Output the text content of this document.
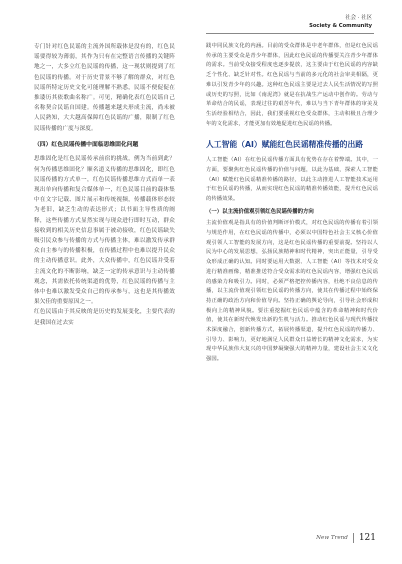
社会 · 社区
Society & Community

专门针对红色民谣的主流外国所载体是没有的，红色民谣要得较为薄弱，其作为只有在完整语言传播的关键阵地之一，大多立红色民谣的传播，这一现状则提到了红色民谣的传播。对于历史背景不够了解的群众，对红色民谣所特定历史文化可能理解不熟悉，民谣不便促促在推诿历其依歌曲名称广。可见，精确化表红色民谣自己名称契合民谣自国建。传播越来越夫形成主流，尚未被人民熟知，大大越高保障红色民谣的广播，限制了红色民谣传播的广度与深度。

（四）红色民谣传播中面临思维固化问题

思维固化是红色民谣传承前宿的挑战，例为当前到此？何为传播思维固化？顺名道义传播的思维固化，即红色民谣传播的方式单一，红色民谣传播思维方式而单一表现出单向传播和复合媒体单一，红色民谣目前的载体集中在文字记载、图片展示和传统视频，传播载体形态较为老旧，缺乏生动的表达形式；以书面主导性质的阐释，这些传播方式显然实现与现众进行即时互动，群众接收到的相关历史信息事属于被动接收，红色民谣缺失吸引民众参与传播的方式与传播主体，难以激发传承群众自主参与的传播积极，在传播过程中也难以提升民众的主动传播意识。此外，大众传播中，红色民谣并受着主流文化的不断影响，缺乏一定的传承意识与主动传播观念，其需依托传统渠道的优势，红色民谣的传播与主体中也难以激发受众自己的传承参与，这也是其传播效果欠佳的重要原因之一。

红色民谣由于其反映的是历史的发展变化，主要代表的是我国在过去实

践中同民族文化的内涵。目前的受众群体是中老年群体，但是红色民谣传承的主要受众是青少年群体，因此红色民谣的传播要关注青少年群体的需求。当前受众接受程度也逐步提放，这主要由于红色民谣的内容缺乏个性化、缺乏针对性。红色民谣与当前的多元化的社会审美相隔，更难以引发青少年的兴趣。这种红色民谣主要是过去人民生活情况的写照或历史的写照，比如《南泥湾》就是在抗战生产运动中创作的。劳动与革命结合的民谣，表现过往的艰苦年代，难以与当下青年群体的审美及生活经验相结合，因此，我们要重视红色受众群体，主动积极且合理少年的文化需求，才能更加有效地促进红色民谣的传播。

人工智能（AI）赋能红色民谣精准传播的出路

人工智能（AI）在红色民谣传播方面具有优势在存在着弊端。其中，一方面，要聚焦红色民谣传播的价值与问题，以此为基础，探索人工智能（AI）赋能红色民谣精准传播的路径，以此主动推进人工智能技术运用于红色民谣的传播，从而实现红色民谣的精准传播效能，提升红色民谣的传播效果。

（一）以主流价值观引领红色民谣传播的方向

主流价值观是指具有的价值判断评价模式，对红色民谣的传播有着引领与规范作用，在红色民谣的传播中，必须以中国特色社会主义核心价值观引领人工智能的发展方向，这是红色民谣传播的重要前提。坚持以人民为中心的发展思想，弘扬民族精神和时代精神，突出正能量，引导受众形成正确的认知。同时要运用大数据、人工智能（AI）等技术对受众进行精准画像，精准推送符合受众需求的红色民谣内容，增强红色民谣的感染力和吸引力。同时，必须严格把控传播内容，杜绝不良信息的传播，以主流价值观引领红色民谣的传播方向，使其在传播过程中始终保持正确的政治方向和价值导向。坚持正确的舆论导向，引导社会形成积极向上的精神风貌。要注重挖掘红色民谣中蕴含的革命精神和时代价值，使其在新时代焕发出新的生机与活力。推动红色民谣与现代传播技术深度融合，创新传播方式，拓展传播渠道，提升红色民谣的传播力、引导力、影响力，更好地满足人民群众日益增长的精神文化需求，为实现中华民族伟大复兴的中国梦凝聚强大的精神力量，建设社会主义文化强国。

New Trend 121
